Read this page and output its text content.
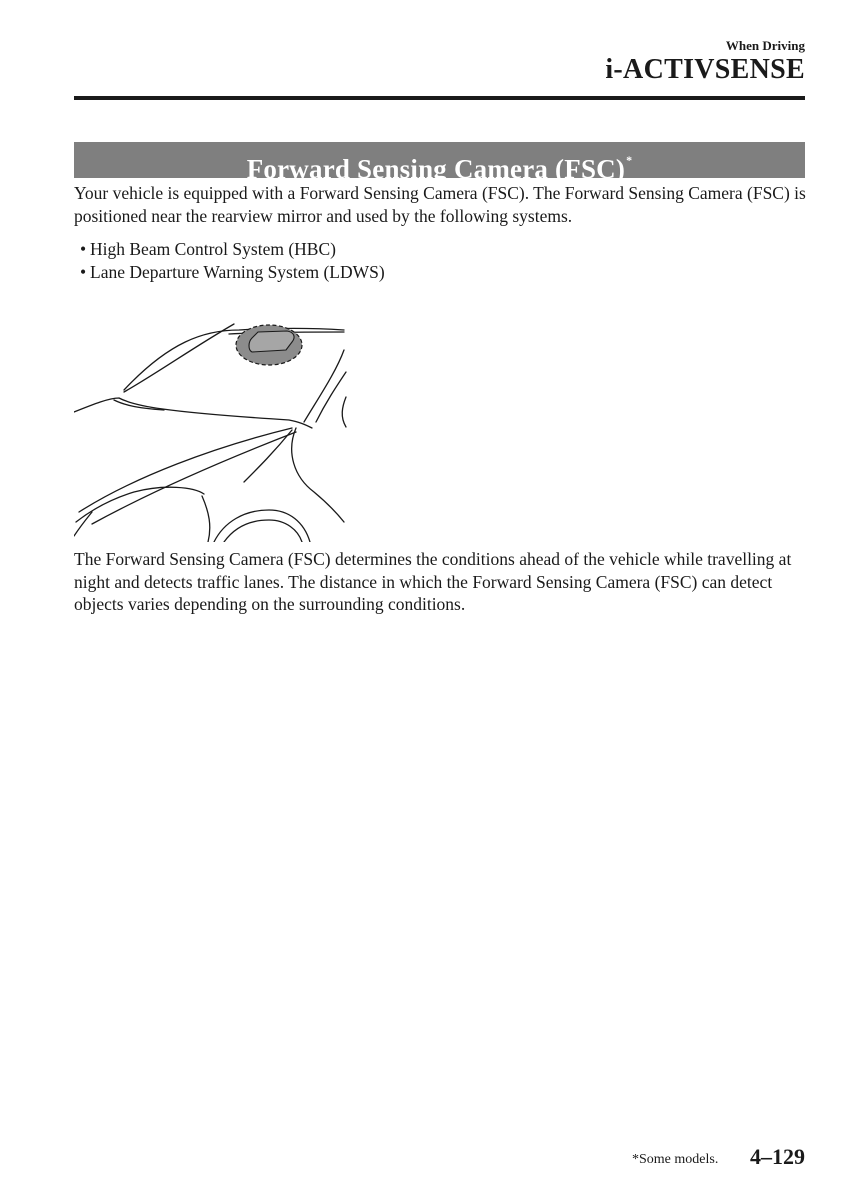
When Driving
i-ACTIVSENSE
Forward Sensing Camera (FSC)*
Your vehicle is equipped with a Forward Sensing Camera (FSC). The Forward Sensing Camera (FSC) is positioned near the rearview mirror and used by the following systems.
• High Beam Control System (HBC)
• Lane Departure Warning System (LDWS)
The Forward Sensing Camera (FSC) determines the conditions ahead of the vehicle while travelling at night and detects traffic lanes. The distance in which the Forward Sensing Camera (FSC) can detect objects varies depending on the surrounding conditions.
*Some models. 4–129
